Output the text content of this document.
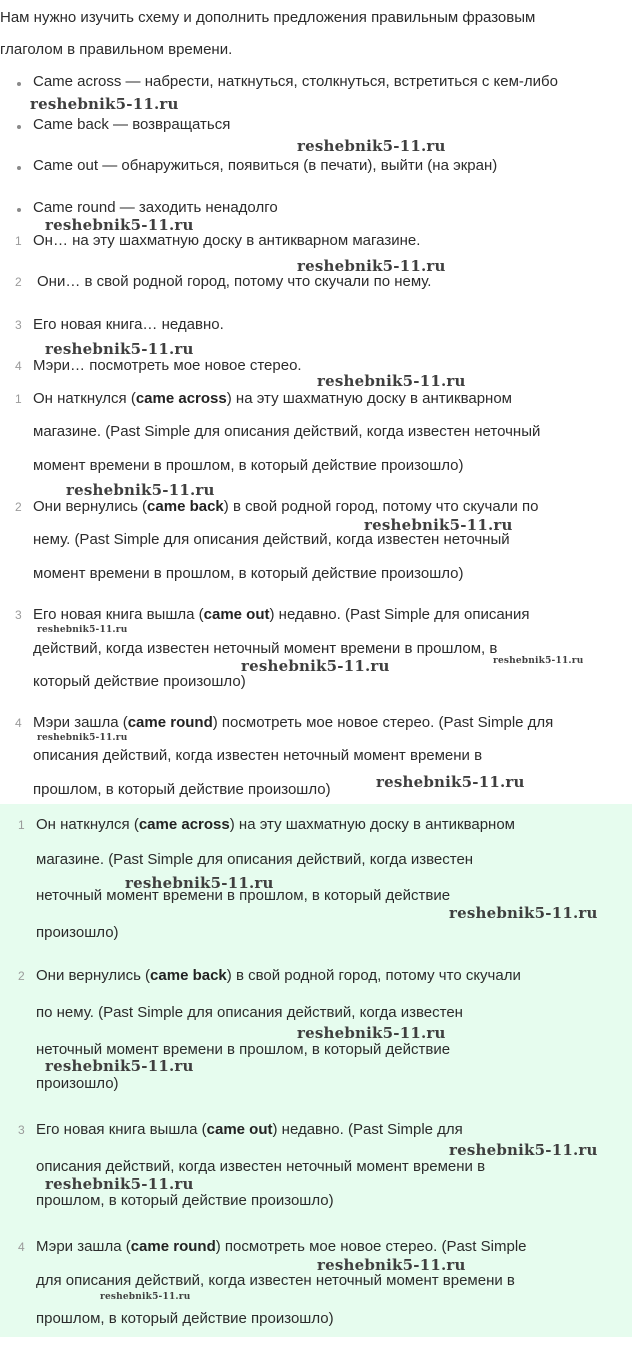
Нам нужно изучить схему и дополнить предложения правильным фразовым
глаголом в правильном времени.
Came across — набрести, наткнуться, столкнуться, встретиться с кем-либо
Came back — возвращаться
Came out — обнаружиться, появиться (в печати), выйти (на экран)
Came round — заходить ненадолго
1 Он… на эту шахматную доску в антикварном магазине.
2 Они… в свой родной город, потому что скучали по нему.
3 Его новая книга… недавно.
4 Мэри… посмотреть мое новое стерео.
1 Он наткнулся (came across) на эту шахматную доску в антикварном
магазине. (Past Simple для описания действий, когда известен неточный
момент времени в прошлом, в который действие произошло)
2 Они вернулись (came back) в свой родной город, потому что скучали по
нему. (Past Simple для описания действий, когда известен неточный
момент времени в прошлом, в который действие произошло)
3 Его новая книга вышла (came out) недавно. (Past Simple для описания
действий, когда известен неточный момент времени в прошлом, в
который действие произошло)
4 Мэри зашла (came round) посмотреть мое новое стерео. (Past Simple для
описания действий, когда известен неточный момент времени в
прошлом, в который действие произошло)
1 Он наткнулся (came across) на эту шахматную доску в антикварном
магазине. (Past Simple для описания действий, когда известен
неточный момент времени в прошлом, в который действие
произошло)
2 Они вернулись (came back) в свой родной город, потому что скучали
по нему. (Past Simple для описания действий, когда известен
неточный момент времени в прошлом, в который действие
произошло)
3 Его новая книга вышла (came out) недавно. (Past Simple для
описания действий, когда известен неточный момент времени в
прошлом, в который действие произошло)
4 Мэри зашла (came round) посмотреть мое новое стерео. (Past Simple
для описания действий, когда известен неточный момент времени в
прошлом, в который действие произошло)
reshebnik5-11.ru
reshebnik5-11.ru
reshebnik5-11.ru
reshebnik5-11.ru
reshebnik5-11.ru
reshebnik5-11.ru
reshebnik5-11.ru
reshebnik5-11.ru
reshebnik5-11.ru
reshebnik5-11.ru	reshebnik5-11.ru
reshebnik5-11.ru
reshebnik5-11.ru
reshebnik5-11.ru
reshebnik5-11.ru
reshebnik5-11.ru
reshebnik5-11.ru
reshebnik5-11.ru
reshebnik5-11.ru
reshebnik5-11.ru
reshebnik5-11.ru
